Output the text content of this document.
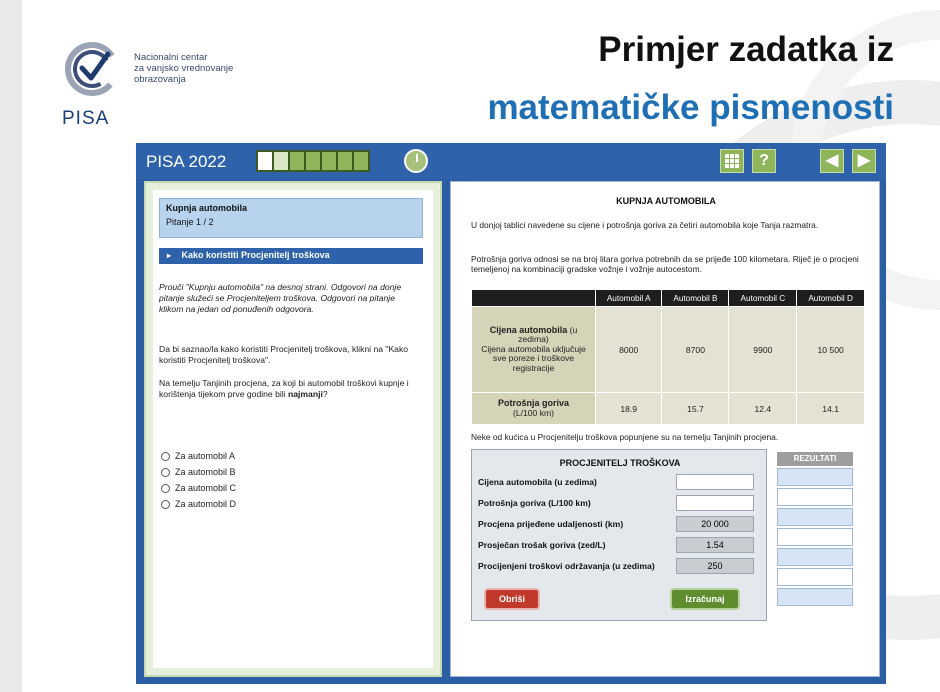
Nacionalni centar
za vanjsko vrednovanje
obrazovanja
PISA
Primjer zadatka iz
matematičke pismenosti
PISA 2022	?	◀	▶
Kupnja automobila
Pitanje 1 / 2
▸ Kako koristiti Procjenitelj troškova
Prouči "Kupnju automobila" na desnoj strani. Odgovori na donje pitanje služeći se Procjeniteljem troškova. Odgovori na pitanje klikom na jedan od ponuđenih odgovora.
Da bi saznao/la kako koristiti Procjenitelj troškova, klikni na "Kako koristiti Procjenitelj troškova".
Na temelju Tanjinih procjena, za koji bi automobil troškovi kupnje i korištenja tijekom prve godine bili najmanji?
Za automobil A
Za automobil B
Za automobil C
Za automobil D
KUPNJA AUTOMOBILA
U donjoj tablici navedene su cijene i potrošnja goriva za četiri automobila koje Tanja razmatra.
Potrošnja goriva odnosi se na broj litara goriva potrebnih da se prijeđe 100 kilometara. Riječ je o procjeni temeljenoj na kombinaciji gradske vožnje i vožnje autocestom.
	Automobil A	Automobil B	Automobil C	Automobil D
Cijena automobila (u zedima)
Cijena automobila uključuje sve poreze i troškove registracije	8000	8700	9900	10 500
Potrošnja goriva
(L/100 km)	18.9	15.7	12.4	14.1
Neke od kućica u Procjenitelju troškova popunjene su na temelju Tanjinih procjena.
PROCJENITELJ TROŠKOVA
Cijena automobila (u zedima)
Potrošnja goriva (L/100 km)
Procjena prijeđene udaljenosti (km)	20 000
Prosječan trošak goriva (zed/L)	1.54
Procijenjeni troškovi održavanja (u zedima)	250
Obriši	Izračunaj
REZULTATI
